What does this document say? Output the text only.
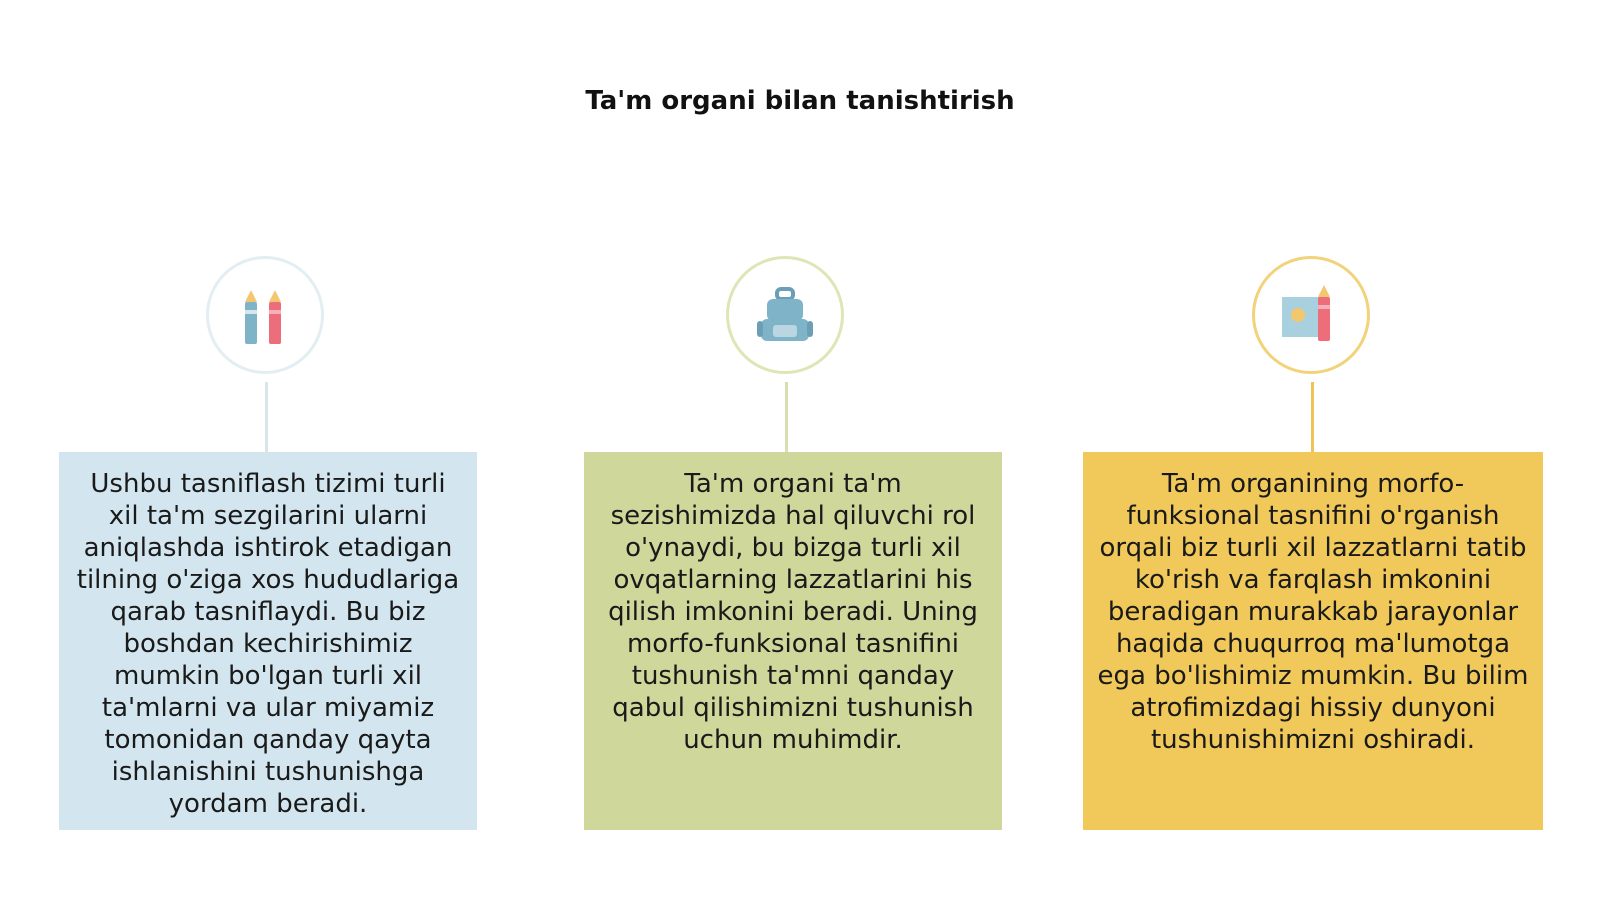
Ta'm organi bilan tanishtirish
Ushbu tasniflash tizimi turli xil ta'm sezgilarini ularni aniqlashda ishtirok etadigan tilning o'ziga xos hududlariga qarab tasniflaydi. Bu biz boshdan kechirishimiz mumkin bo'lgan turli xil ta'mlarni va ular miyamiz tomonidan qanday qayta ishlanishini tushunishga yordam beradi.
Ta'm organi ta'm sezishimizda hal qiluvchi rol o'ynaydi, bu bizga turli xil ovqatlarning lazzatlarini his qilish imkonini beradi. Uning morfo-funksional tasnifini tushunish ta'mni qanday qabul qilishimizni tushunish uchun muhimdir.
Ta'm organining morfo-funksional tasnifini o'rganish orqali biz turli xil lazzatlarni tatib ko'rish va farqlash imkonini beradigan murakkab jarayonlar haqida chuqurroq ma'lumotga ega bo'lishimiz mumkin. Bu bilim atrofimizdagi hissiy dunyoni tushunishimizni oshiradi.
